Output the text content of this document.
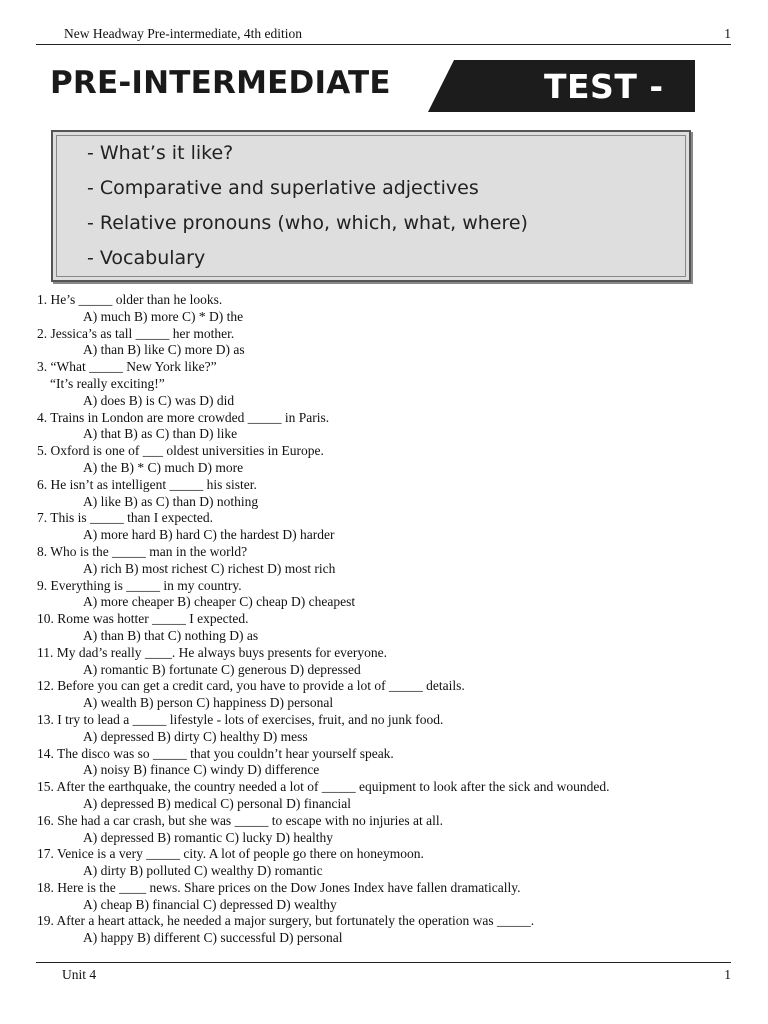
New Headway Pre-intermediate, 4th edition	1
PRE-INTERMEDIATE	TEST -
- What’s it like?
- Comparative and superlative adjectives
- Relative pronouns (who, which, what, where)
- Vocabulary
1. He’s _____ older than he looks.
A) much B) more C) * D) the
2. Jessica’s as tall _____ her mother.
A) than B) like C) more D) as
3. “What _____ New York like?”
“It’s really exciting!”
A) does B) is C) was D) did
4. Trains in London are more crowded _____ in Paris.
A) that B) as C) than D) like
5. Oxford is one of ___ oldest universities in Europe.
A) the B) * C) much D) more
6. He isn’t as intelligent _____ his sister.
A) like B) as C) than D) nothing
7. This is _____ than I expected.
A) more hard B) hard C) the hardest D) harder
8. Who is the _____ man in the world?
A) rich B) most richest C) richest D) most rich
9. Everything is _____ in my country.
A) more cheaper B) cheaper C) cheap D) cheapest
10. Rome was hotter _____ I expected.
A) than B) that C) nothing D) as
11. My dad’s really ____. He always buys presents for everyone.
A) romantic B) fortunate C) generous D) depressed
12. Before you can get a credit card, you have to provide a lot of _____ details.
A) wealth B) person C) happiness D) personal
13. I try to lead a _____ lifestyle - lots of exercises, fruit, and no junk food.
A) depressed B) dirty C) healthy D) mess
14. The disco was so _____ that you couldn’t hear yourself speak.
A) noisy B) finance C) windy D) difference
15. After the earthquake, the country needed a lot of _____ equipment to look after the sick and wounded.
A) depressed B) medical C) personal D) financial
16. She had a car crash, but she was _____ to escape with no injuries at all.
A) depressed B) romantic C) lucky D) healthy
17. Venice is a very _____ city. A lot of people go there on honeymoon.
A) dirty B) polluted C) wealthy D) romantic
18. Here is the ____ news. Share prices on the Dow Jones Index have fallen dramatically.
A) cheap B) financial C) depressed D) wealthy
19. After a heart attack, he needed a major surgery, but fortunately the operation was _____.
A) happy B) different C) successful D) personal
Unit 4	1
